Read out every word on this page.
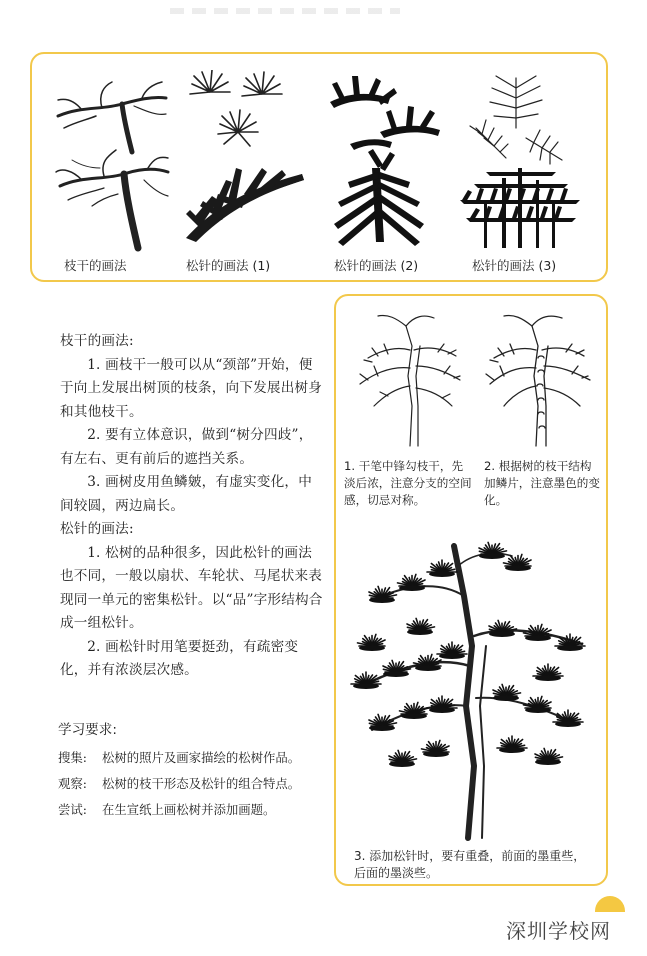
枝干的画法	松针的画法 (1)	松针的画法 (2)	松针的画法 (3)

枝干的画法:

1. 画枝干一般可以从“颈部”开始，便于向上发展出树顶的枝条，向下发展出树身和其他枝干。

2. 要有立体意识，做到“树分四歧”，有左右、更有前后的遮挡关系。

3. 画树皮用鱼鳞皴，有虚实变化，中间较圆，两边扁长。

松针的画法:

1. 松树的品种很多，因此松针的画法也不同，一般以扇状、车轮状、马尾状来表现同一单元的密集松针。以“品”字形结构合成一组松针。

2. 画松针时用笔要挺劲，有疏密变化，并有浓淡层次感。

学习要求:
搜集: 松树的照片及画家描绘的松树作品。
观察: 松树的枝干形态及松针的组合特点。
尝试: 在生宣纸上画松树并添加画题。
1. 干笔中锋勾枝干，先淡后浓，注意分支的空间感，切忌对称。
2. 根据树的枝干结构加鳞片，注意墨色的变化。
3. 添加松针时，要有重叠，前面的墨重些，后面的墨淡些。
深圳学校网
